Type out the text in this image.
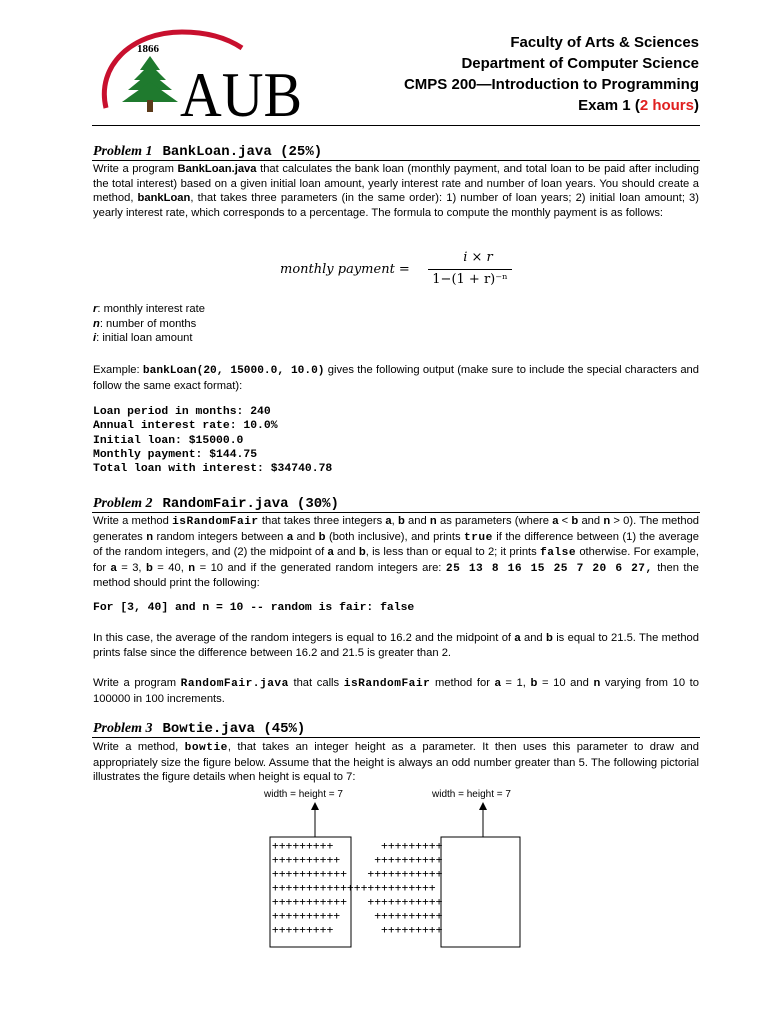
1866
AUB
Faculty of Arts & Sciences
Department of Computer Science
CMPS 200—Introduction to Programming
Exam 1 (2 hours)
Problem 1 BankLoan.java (25%)
Write a program BankLoan.java that calculates the bank loan (monthly payment, and total loan to be paid after including the total interest) based on a given initial loan amount, yearly interest rate and number of loan years. You should create a method, bankLoan, that takes three parameters (in the same order): 1) number of loan years; 2) initial loan amount; 3) yearly interest rate, which corresponds to a percentage. The formula to compute the monthly payment is as follows:
monthly payment =
i × r
1−(1 + r)⁻ⁿ
r: monthly interest rate
n: number of months
i: initial loan amount
Example: bankLoan(20, 15000.0, 10.0) gives the following output (make sure to include the special characters and follow the same exact format):
Loan period in months: 240
Annual interest rate: 10.0%
Initial loan: $15000.0
Monthly payment: $144.75
Total loan with interest: $34740.78
Problem 2 RandomFair.java (30%)
Write a method isRandomFair that takes three integers a, b and n as parameters (where a < b and n > 0). The method generates n random integers between a and b (both inclusive), and prints true if the difference between (1) the average of the random integers, and (2) the midpoint of a and b, is less than or equal to 2; it prints false otherwise. For example, for a = 3, b = 40, n = 10 and if the generated random integers are: 25 13 8 16 15 25 7 20 6 27, then the method should print the following:
For [3, 40] and n = 10 -- random is fair: false
In this case, the average of the random integers is equal to 16.2 and the midpoint of a and b is equal to 21.5. The method prints false since the difference between 16.2 and 21.5 is greater than 2.
Write a program RandomFair.java that calls isRandomFair method for a = 1, b = 10 and n varying from 10 to 100000 in 100 increments.
Problem 3 Bowtie.java (45%)
Write a method, bowtie, that takes an integer height as a parameter. It then uses this parameter to draw and appropriately size the figure below. Assume that the height is always an odd number greater than 5. The following pictorial illustrates the figure details when height is equal to 7:
width = height = 7	width = height = 7
+++++++++       +++++++++
++++++++++     ++++++++++
+++++++++++   +++++++++++
++++++++++++++++++++++++
+++++++++++   +++++++++++
++++++++++     ++++++++++
+++++++++       +++++++++
